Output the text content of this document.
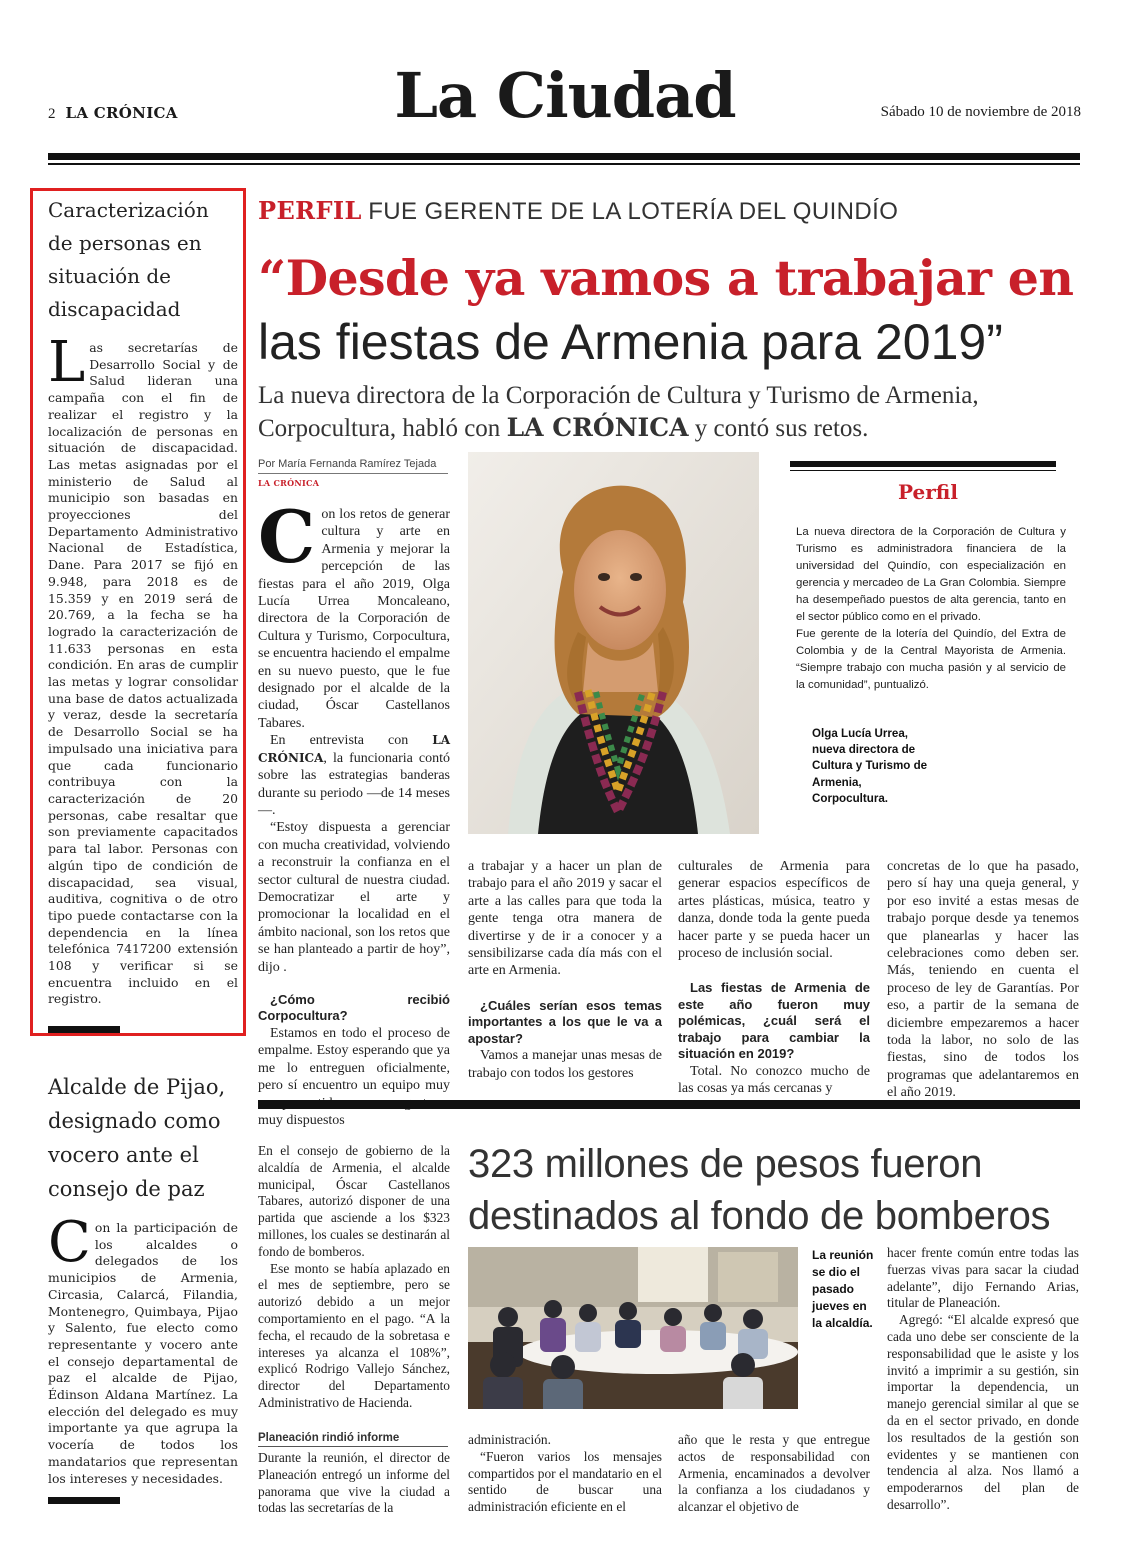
2 LA CRÓNICA	La Ciudad	Sábado 10 de noviembre de 2018
Caracterización de personas en situación de discapacidad
L as secretarías de Desarrollo Social y de Salud lideran una campaña con el fin de realizar el registro y la localización de personas en situación de discapacidad. Las metas asignadas por el ministerio de Salud al municipio son basadas en proyecciones del Departamento Administrativo Nacional de Estadística, Dane. Para 2017 se fijó en 9.948, para 2018 es de 15.359 y en 2019 será de 20.769, a la fecha se ha logrado la caracterización de 11.633 personas en esta condición. En aras de cumplir las metas y lograr consolidar una base de datos actualizada y veraz, desde la secretaría de Desarrollo Social se ha impulsado una iniciativa para que cada funcionario contribuya con la caracterización de 20 personas, cabe resaltar que son previamente capacitados para tal labor. Personas con algún tipo de condición de discapacidad, sea visual, auditiva, cognitiva o de otro tipo puede contactarse con la dependencia en la línea telefónica 7417200 extensión 108 y verificar si se encuentra incluido en el registro.
Alcalde de Pijao, designado como vocero ante el consejo de paz
C on la participación de los alcaldes o delegados de los municipios de Armenia, Circasia, Calarcá, Filandia, Montenegro, Quimbaya, Pijao y Salento, fue electo como representante y vocero ante el consejo departamental de paz el alcalde de Pijao, Édinson Aldana Martínez. La elección del delegado es muy importante ya que agrupa la vocería de todos los mandatarios que representan los intereses y necesidades.
PERFIL FUE GERENTE DE LA LOTERÍA DEL QUINDÍO
“Desde ya vamos a trabajar en
las fiestas de Armenia para 2019”
La nueva directora de la Corporación de Cultura y Turismo de Armenia, Corpocultura, habló con LA CRÓNICA y contó sus retos.
Por María Fernanda Ramírez Tejada
LA CRÓNICA

Con los retos de generar cultura y arte en Armenia y mejorar la percepción de las fiestas para el año 2019, Olga Lucía Urrea Moncaleano, directora de la Corporación de Cultura y Turismo, Corpocultura, se encuentra haciendo el empalme en su nuevo puesto, que le fue designado por el alcalde de la ciudad, Óscar Castellanos Tabares.

En entrevista con LA CRÓNICA, la funcionaria contó sobre las estrategias banderas durante su periodo —de 14 meses—.

“Estoy dispuesta a gerenciar con mucha creatividad, volviendo a reconstruir la confianza en el sector cultural de nuestra ciudad. Democratizar el arte y promocionar la localidad en el ámbito nacional, son los retos que se han planteado a partir de hoy”, dijo .

¿Cómo recibió Corpocultura?

Estamos en todo el proceso de empalme. Estoy esperando que ya me lo entreguen oficialmente, pero sí encuentro un equipo muy muy dispuestos

Perfil
La nueva directora de la Corporación de Cultura y Turismo es administradora financiera de la universidad del Quindío, con especialización en gerencia y mercadeo de La Gran Colombia. Siempre ha desempeñado puestos de alta gerencia, tanto en el sector público como en el privado.
Fue gerente de la lotería del Quindío, del Extra de Colombia y de la Central Mayorista de Armenia. “Siempre trabajo con mucha pasión y al servicio de la comunidad”, puntualizó.
Olga Lucía Urrea, nueva directora de Cultura y Turismo de Armenia, Corpocultura.

a trabajar y a hacer un plan de trabajo para el año 2019 y sacar el arte a las calles para que toda la gente tenga otra manera de divertirse y de ir a conocer y a sensibilizarse cada día más con el arte en Armenia.

¿Cuáles serían esos temas importantes a los que le va a apostar?

Vamos a manejar unas mesas de trabajo con todos los gestores

culturales de Armenia para generar espacios específicos de artes plásticas, música, teatro y danza, donde toda la gente pueda hacer parte y se pueda hacer un proceso de inclusión social.

Las fiestas de Armenia de este año fueron muy polémicas, ¿cuál será el trabajo para cambiar la situación en 2019?

Total. No conozco mucho de las cosas ya más cercanas y

concretas de lo que ha pasado, pero sí hay una queja general, y por eso invité a estas mesas de trabajo porque desde ya tenemos que planearlas y hacer las celebraciones como deben ser. Más, teniendo en cuenta el proceso de ley de Garantías. Por eso, a partir de la semana de diciembre empezaremos a hacer toda la labor, no solo de las fiestas, sino de todos los programas que adelantaremos en el año 2019.

En el consejo de gobierno de la alcaldía de Armenia, el alcalde municipal, Óscar Castellanos Tabares, autorizó disponer de una partida que asciende a los $323 millones, los cuales se destinarán al fondo de bomberos.

Ese monto se había aplazado en el mes de septiembre, pero se autorizó debido a un mejor comportamiento en el pago. “A la fecha, el recaudo de la sobretasa e intereses ya alcanza el 108%”, explicó Rodrigo Vallejo Sánchez, director del Departamento Administrativo de Hacienda.

Planeación rindió informe

Durante la reunión, el director de Planeación entregó un informe del panorama que vive la ciudad a todas las secretarías de la

323 millones de pesos fueron destinados al fondo de bomberos
La reunión se dio el pasado jueves en la alcaldía.

administración.

“Fueron varios los mensajes compartidos por el mandatario en el sentido de buscar una administración eficiente en el

año que le resta y que entregue actos de responsabilidad con Armenia, encaminados a devolver la confianza a los ciudadanos y alcanzar el objetivo de

hacer frente común entre todas las fuerzas vivas para sacar la ciudad adelante”, dijo Fernando Arias, titular de Planeación.

Agregó: “El alcalde expresó que cada uno debe ser consciente de la responsabilidad que le asiste y los invitó a imprimir a su gestión, sin importar la dependencia, un manejo gerencial similar al que se da en el sector privado, en donde los resultados de la gestión son evidentes y se mantienen con tendencia al alza. Nos llamó a empoderarnos del plan de desarrollo”.
